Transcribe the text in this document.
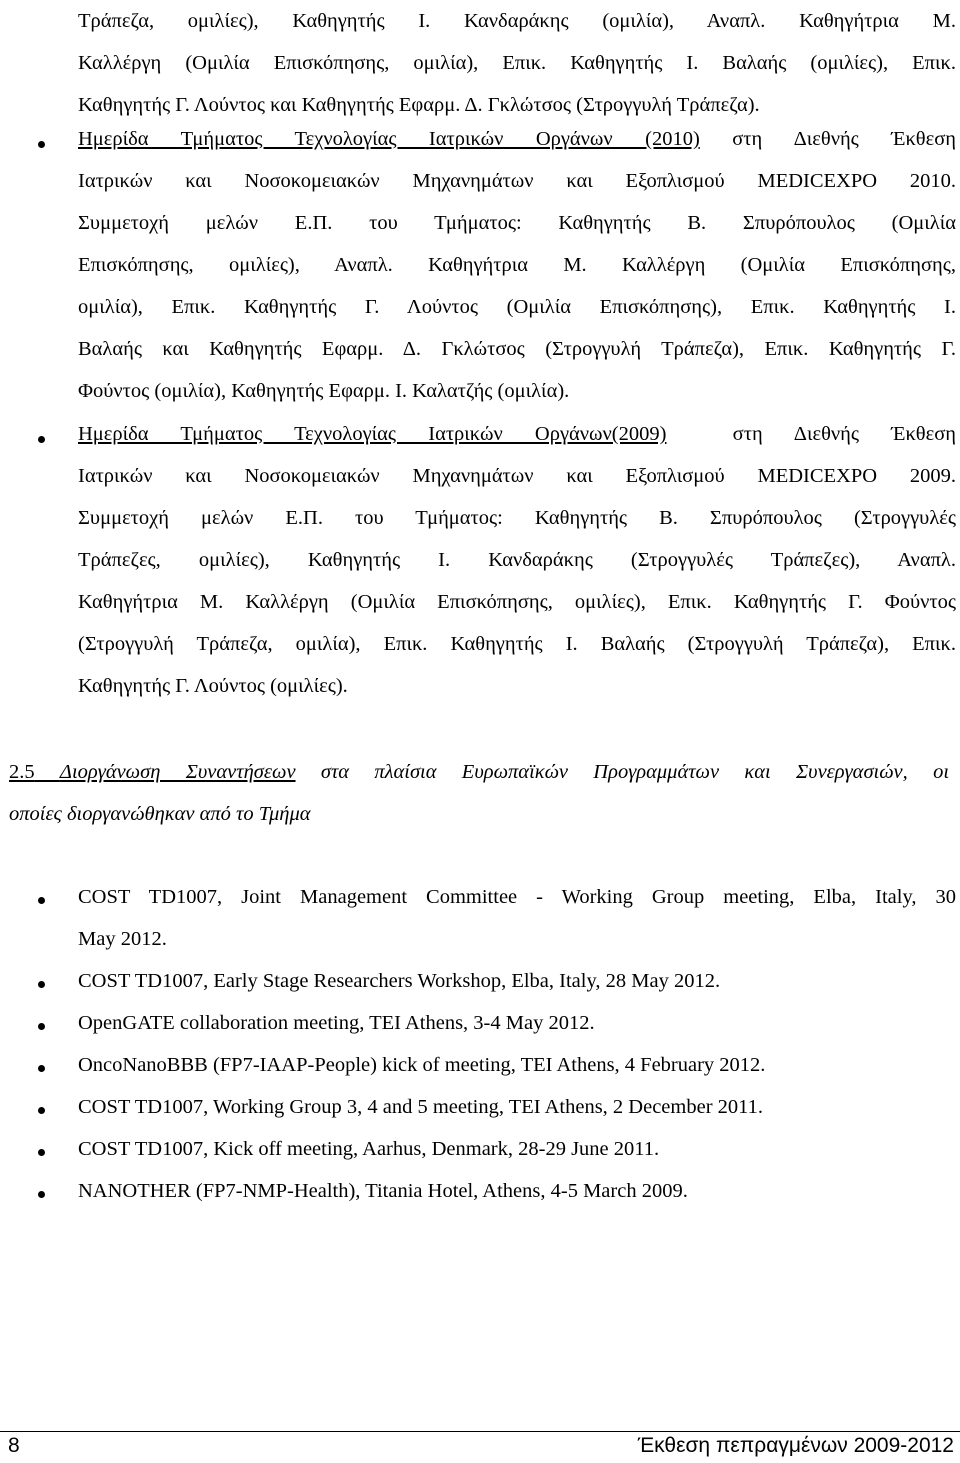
Τράπεζα, ομιλίες), Καθηγητής Ι. Κανδαράκης (ομιλία), Αναπλ. Καθηγήτρια Μ.
Καλλέργη (Ομιλία Επισκόπησης, ομιλία), Επικ. Καθηγητής Ι. Βαλαής (ομιλίες), Επικ.
Καθηγητής Γ. Λούντος και Καθηγητής Εφαρμ. Δ. Γκλώτσος (Στρογγυλή Τράπεζα).
Ημερίδα Τμήματος Τεχνολογίας Ιατρικών Οργάνων (2010) στη Διεθνής Έκθεση
Ιατρικών και Νοσοκομειακών Μηχανημάτων και Εξοπλισμού MEDICEXPO 2010.
Συμμετοχή μελών Ε.Π. του Τμήματος: Καθηγητής Β. Σπυρόπουλος (Ομιλία
Επισκόπησης, ομιλίες), Αναπλ. Καθηγήτρια Μ. Καλλέργη (Ομιλία Επισκόπησης,
ομιλία), Επικ. Καθηγητής Γ. Λούντος (Ομιλία Επισκόπησης), Επικ. Καθηγητής Ι.
Βαλαής και Καθηγητής Εφαρμ. Δ. Γκλώτσος (Στρογγυλή Τράπεζα), Επικ. Καθηγητής Γ.
Φούντος (ομιλία), Καθηγητής Εφαρμ. Ι. Καλατζής (ομιλία).
Ημερίδα Τμήματος Τεχνολογίας Ιατρικών Οργάνων(2009) στη Διεθνής Έκθεση
Ιατρικών και Νοσοκομειακών Μηχανημάτων και Εξοπλισμού MEDICEXPO 2009.
Συμμετοχή μελών Ε.Π. του Τμήματος: Καθηγητής Β. Σπυρόπουλος (Στρογγυλές
Τράπεζες, ομιλίες), Καθηγητής Ι. Κανδαράκης (Στρογγυλές Τράπεζες), Αναπλ.
Καθηγήτρια Μ. Καλλέργη (Ομιλία Επισκόπησης, ομιλίες), Επικ. Καθηγητής Γ. Φούντος
(Στρογγυλή Τράπεζα, ομιλία), Επικ. Καθηγητής Ι. Βαλαής (Στρογγυλή Τράπεζα), Επικ.
Καθηγητής Γ. Λούντος (ομιλίες).
2.5 Διοργάνωση Συναντήσεων στα πλαίσια Ευρωπαϊκών Προγραμμάτων και Συνεργασιών, οι
οποίες διοργανώθηκαν από το Τμήμα
COST TD1007, Joint Management Committee - Working Group meeting, Elba, Italy, 30
May 2012.
COST TD1007, Early Stage Researchers Workshop, Elba, Italy, 28 May 2012.
OpenGATE collaboration meeting, TEI Athens, 3-4 May 2012.
OncoNanoBBB (FP7-IAAP-People) kick of meeting, TEI Athens, 4 February 2012.
COST TD1007, Working Group 3, 4 and 5 meeting, TEI Athens, 2 December 2011.
COST TD1007, Kick off meeting, Aarhus, Denmark, 28-29 June 2011.
NANOTHER (FP7-NMP-Health), Titania Hotel, Athens, 4-5 March 2009.
8	Έκθεση πεπραγμένων 2009-2012
